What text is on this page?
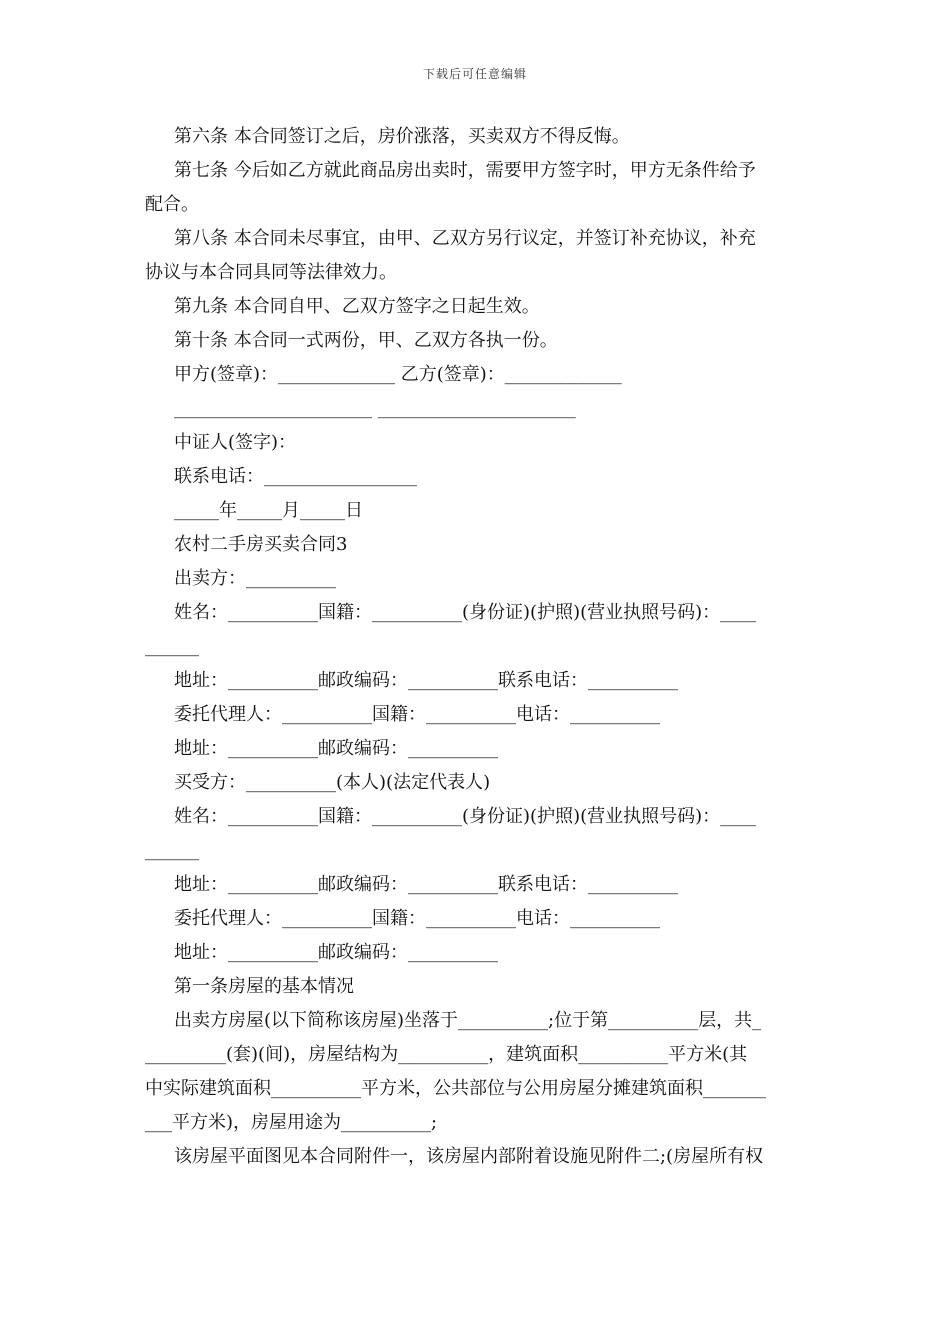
下载后可任意编辑
第六条 本合同签订之后，房价涨落，买卖双方不得反悔。
第七条 今后如乙方就此商品房出卖时，需要甲方签字时，甲方无条件给予
配合。
第八条 本合同未尽事宜，由甲、乙双方另行议定，并签订补充协议，补充
协议与本合同具同等法律效力。
第九条 本合同自甲、乙双方签字之日起生效。
第十条 本合同一式两份，甲、乙双方各执一份。
甲方(签章)：_____________ 乙方(签章)：_____________
______________________ ______________________
中证人(签字)：
联系电话：_________________
_____年_____月_____日
农村二手房买卖合同3
出卖方：__________
姓名：__________国籍：__________(身份证)(护照)(营业执照号码)：____
______
地址：__________邮政编码：__________联系电话：__________
委托代理人：__________国籍：__________电话：__________
地址：__________邮政编码：__________
买受方：__________(本人)(法定代表人)
姓名：__________国籍：__________(身份证)(护照)(营业执照号码)：____
______
地址：__________邮政编码：__________联系电话：__________
委托代理人：__________国籍：__________电话：__________
地址：__________邮政编码：__________
第一条房屋的基本情况
出卖方房屋(以下简称该房屋)坐落于__________;位于第__________层，共_
_________(套)(间)，房屋结构为__________，建筑面积__________平方米(其
中实际建筑面积__________平方米，公共部位与公用房屋分摊建筑面积_______
___平方米)，房屋用途为__________;
该房屋平面图见本合同附件一，该房屋内部附着设施见附件二;(房屋所有权
